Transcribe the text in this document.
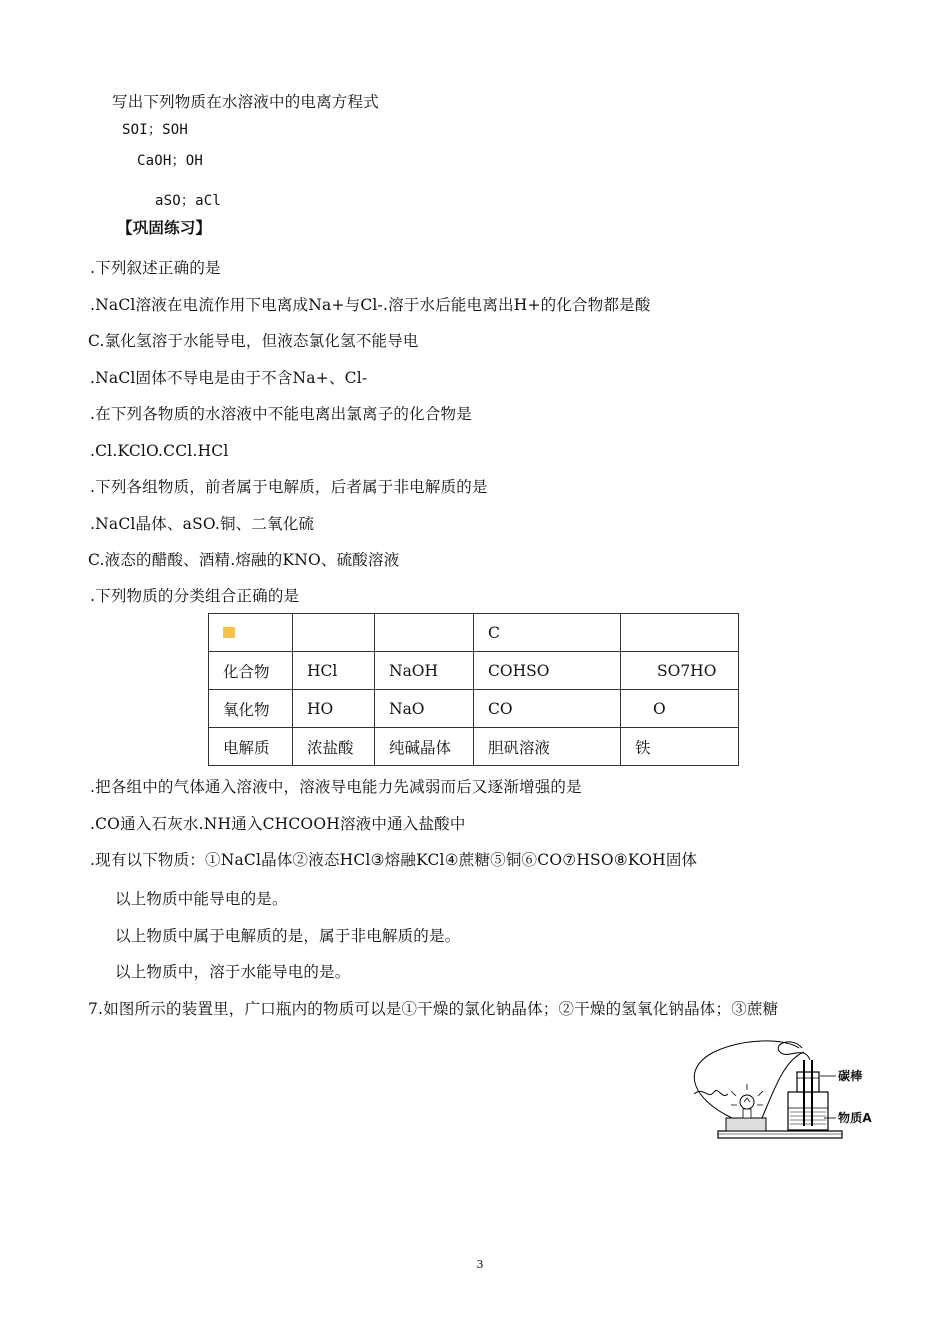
写出下列物质在水溶液中的电离方程式
SOI；SOH
CaOH；OH
aSO；aCl
【巩固练习】
.下列叙述正确的是
.NaCl溶液在电流作用下电离成Na+与Cl-.溶于水后能电离出H+的化合物都是酸
C.氯化氢溶于水能导电，但液态氯化氢不能导电
.NaCl固体不导电是由于不含Na+、Cl-
.在下列各物质的水溶液中不能电离出氯离子的化合物是
.Cl.KClO.CCl.HCl
.下列各组物质，前者属于电解质，后者属于非电解质的是
.NaCl晶体、aSO.铜、二氧化硫
C.液态的醋酸、酒精.熔融的KNO、硫酸溶液
.下列物质的分类组合正确的是
			C	
化合物	HCl	NaOH	COHSO	SO7HO
氧化物	HO	NaO	CO	O
电解质	浓盐酸	纯碱晶体	胆矾溶液	铁
.把各组中的气体通入溶液中，溶液导电能力先减弱而后又逐渐增强的是
.CO通入石灰水.NH通入CHCOOH溶液中通入盐酸中
.现有以下物质：①NaCl晶体②液态HCl③熔融KCl④蔗糖⑤铜⑥CO⑦HSO⑧KOH固体
以上物质中能导电的是。
以上物质中属于电解质的是，属于非电解质的是。
以上物质中，溶于水能导电的是。
7.如图所示的装置里，广口瓶内的物质可以是①干燥的氯化钠晶体；②干燥的氢氧化钠晶体；③蔗糖
碳棒
物质A
3
